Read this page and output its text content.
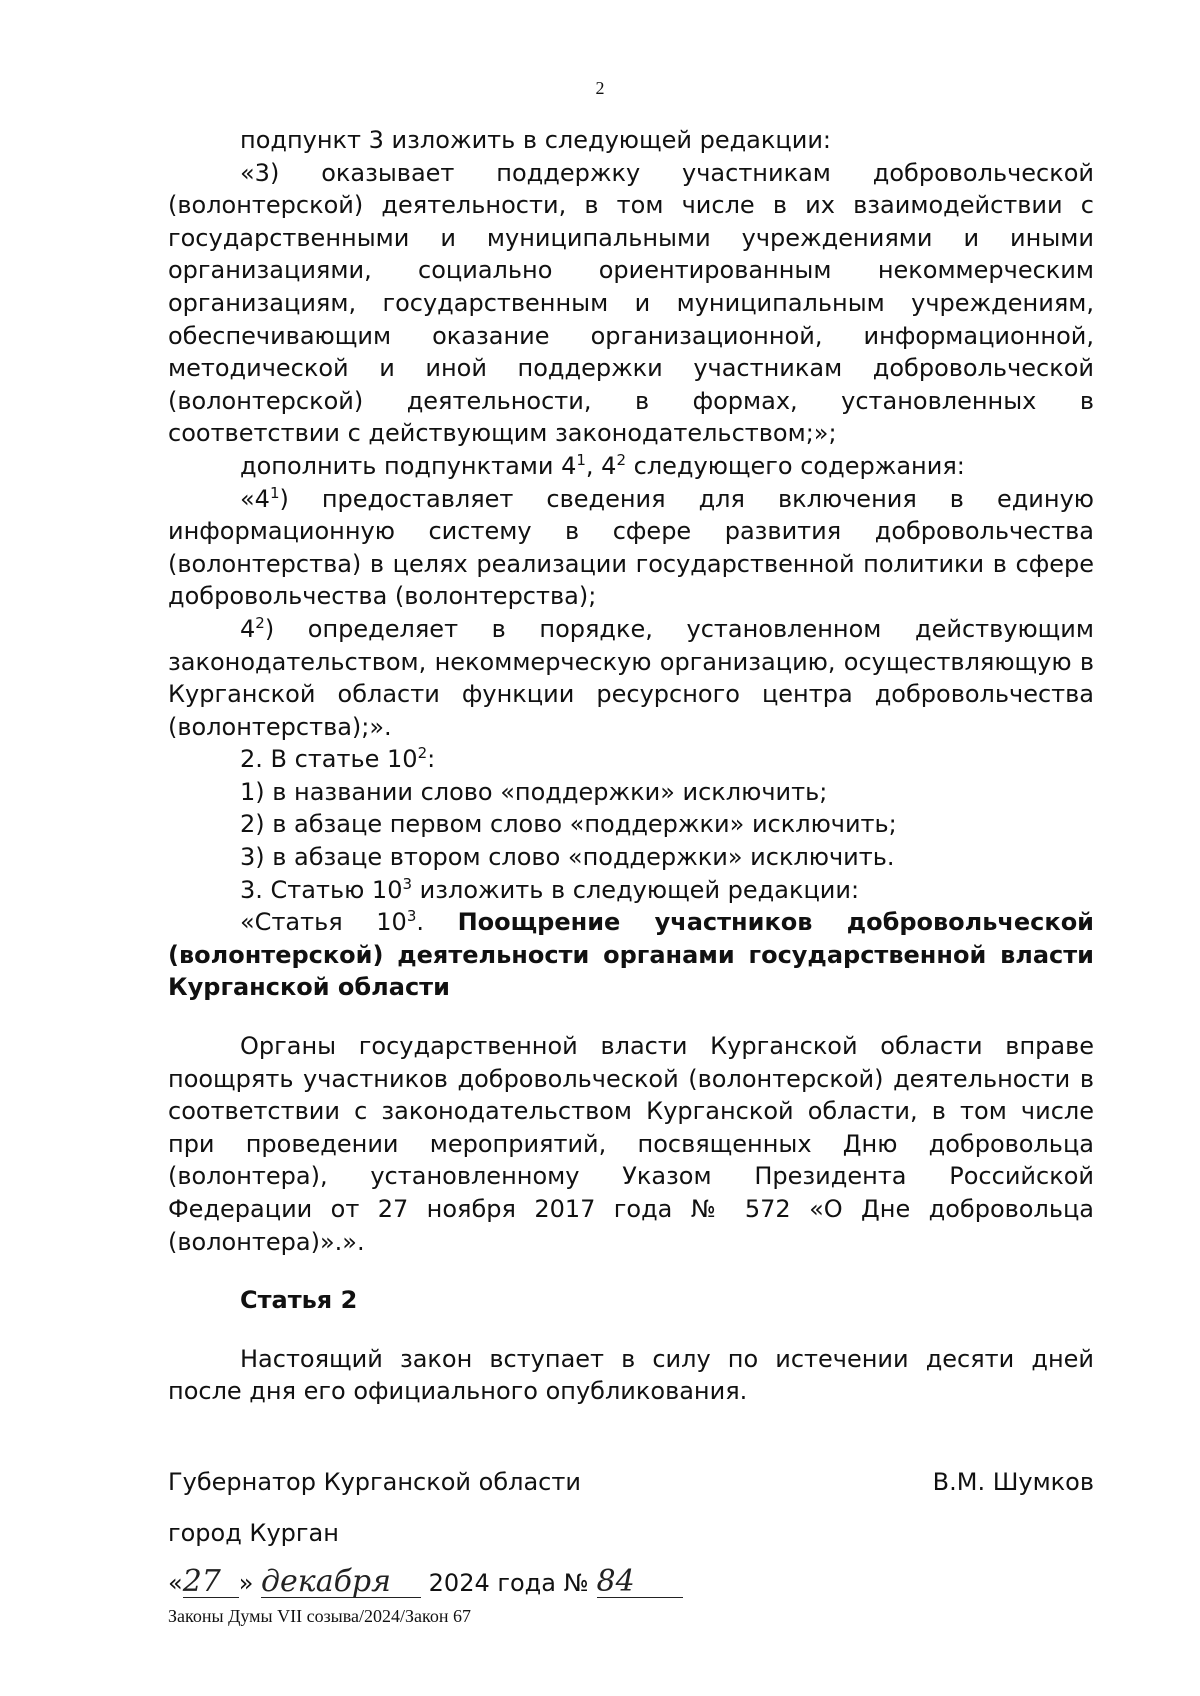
2

подпункт 3 изложить в следующей редакции:

«3) оказывает поддержку участникам добровольческой (волонтерской) деятельности, в том числе в их взаимодействии с государственными и муниципальными учреждениями и иными организациями, социально ориентированным некоммерческим организациям, государственным и муниципальным учреждениям, обеспечивающим оказание организационной, информационной, методической и иной поддержки участникам добровольческой (волонтерской) деятельности, в формах, установленных в соответствии с действующим законодательством;»;

дополнить подпунктами $4^1$, $4^2$ следующего содержания:

«$4^1$) предоставляет сведения для включения в единую информационную систему в сфере развития добровольчества (волонтерства) в целях реализации государственной политики в сфере добровольчества (волонтерства);

$4^2$) определяет в порядке, установленном действующим законодательством, некоммерческую организацию, осуществляющую в Курганской области функции ресурсного центра добровольчества (волонтерства);».

2. В статье $10^2$:

1) в названии слово «поддержки» исключить;

2) в абзаце первом слово «поддержки» исключить;

3) в абзаце втором слово «поддержки» исключить.

3. Статью $10^3$ изложить в следующей редакции:

«Статья $10^3$. Поощрение участников добровольческой (волонтерской) деятельности органами государственной власти Курганской области

Органы государственной власти Курганской области вправе поощрять участников добровольческой (волонтерской) деятельности в соответствии с законодательством Курганской области, в том числе при проведении мероприятий, посвященных Дню добровольца (волонтера), установленному Указом Президента Российской Федерации от 27 ноября 2017 года № 572 «О Дне добровольца (волонтера)».».

Статья 2

Настоящий закон вступает в силу по истечении десяти дней после дня его официального опубликования.

Губернатор Курганской области	В.М. Шумков

город Курган

«27 » декабря 2024 года № 84

Законы Думы VII созыва/2024/Закон 67
